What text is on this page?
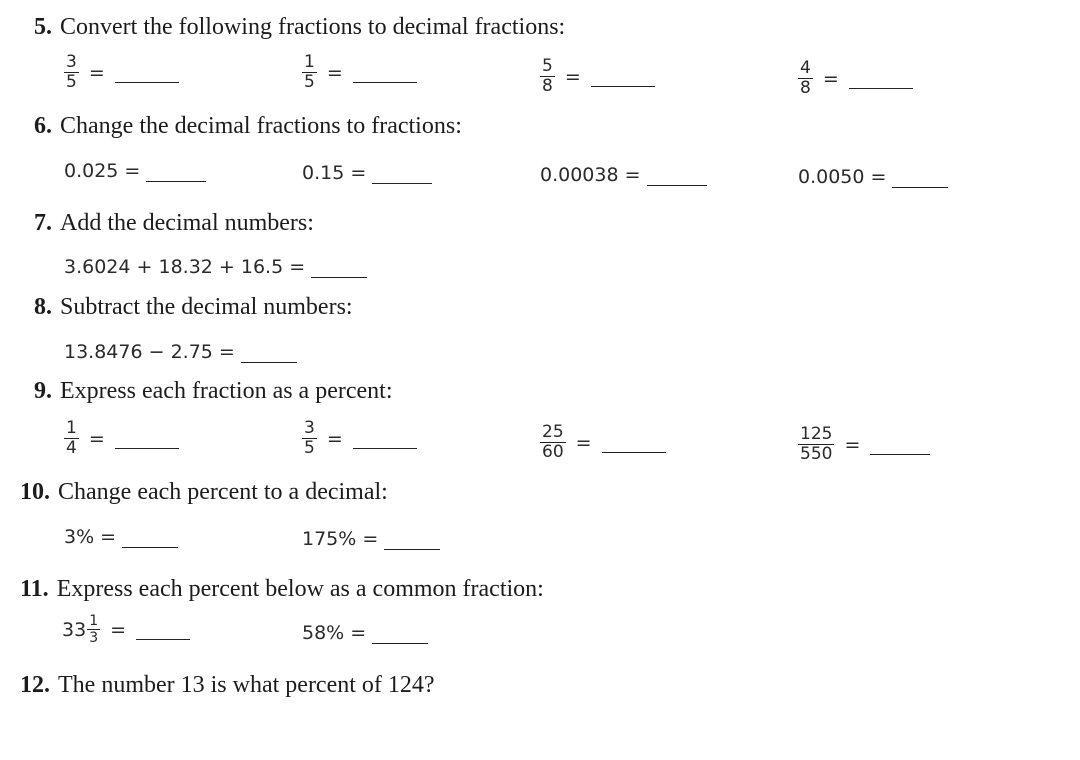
5. Convert the following fractions to decimal fractions:
$\frac{3}{5}$ =	$\frac{1}{5}$ =	$\frac{5}{8}$ =	$\frac{4}{8}$ =
6. Change the decimal fractions to fractions:
0.025 =	0.15 =	0.00038 =	0.0050 =
7. Add the decimal numbers:
3.6024 + 18.32 + 16.5 =
8. Subtract the decimal numbers:
13.8476 − 2.75 =
9. Express each fraction as a percent:
$\frac{1}{4}$ =	$\frac{3}{5}$ =	$\frac{25}{60}$ =	$\frac{125}{550}$ =
10. Change each percent to a decimal:
3% =	175% =
11. Express each percent below as a common fraction:
$33 \frac{1}{3}$ =	58% =
12. The number 13 is what percent of 124?
